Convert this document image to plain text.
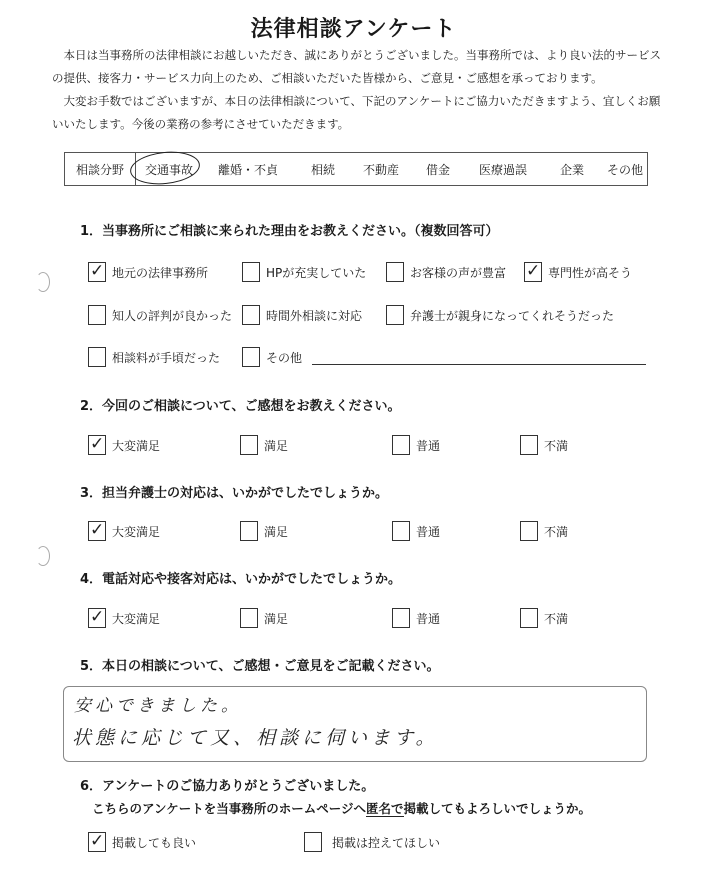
法律相談アンケート

本日は当事務所の法律相談にお越しいただき、誠にありがとうございました。当事務所では、より良い法的サービスの提供、接客力・サービス力向上のため、ご相談いただいた皆様から、ご意見・ご感想を承っております。

大変お手数ではございますが、本日の法律相談について、下記のアンケートにご協力いただきますよう、宜しくお願いいたします。今後の業務の参考にさせていただきます。

相談分野	交通事故 離婚・不貞	相続 不動産 借金 医療過誤	企業 その他
1．当事務所にご相談に来られた理由をお教えください。（複数回答可）
✓ 地元の法律事務所	HPが充実していた	お客様の声が豊富 ✓ 専門性が高そう
知人の評判が良かった	時間外相談に対応	弁護士が親身になってくれそうだった
相談料が手頃だった	その他
2．今回のご相談について、ご感想をお教えください。
✓ 大変満足	満足	普通	不満
3．担当弁護士の対応は、いかがでしたでしょうか。
✓ 大変満足	満足	普通	不満
4．電話対応や接客対応は、いかがでしたでしょうか。
✓ 大変満足	満足	普通	不満
5．本日の相談について、ご感想・ご意見をご記載ください。
安心できました。
状態に応じて又、相談に伺います。
6．アンケートのご協力ありがとうございました。
こちらのアンケートを当事務所のホームページへ匿名で掲載してもよろしいでしょうか。
✓ 掲載しても良い	掲載は控えてほしい
